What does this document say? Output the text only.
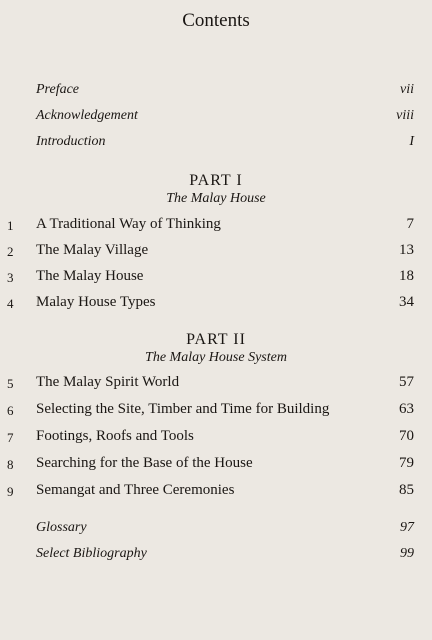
Contents
Preface	vii
Acknowledgement	viii
Introduction	I
PART I
The Malay House
1 A Traditional Way of Thinking	7
2 The Malay Village	13
3 The Malay House	18
4 Malay House Types	34
PART II
The Malay House System
5 The Malay Spirit World	57
6 Selecting the Site, Timber and Time for Building	63
7 Footings, Roofs and Tools	70
8 Searching for the Base of the House	79
9 Semangat and Three Ceremonies	85
Glossary	97
Select Bibliography	99
